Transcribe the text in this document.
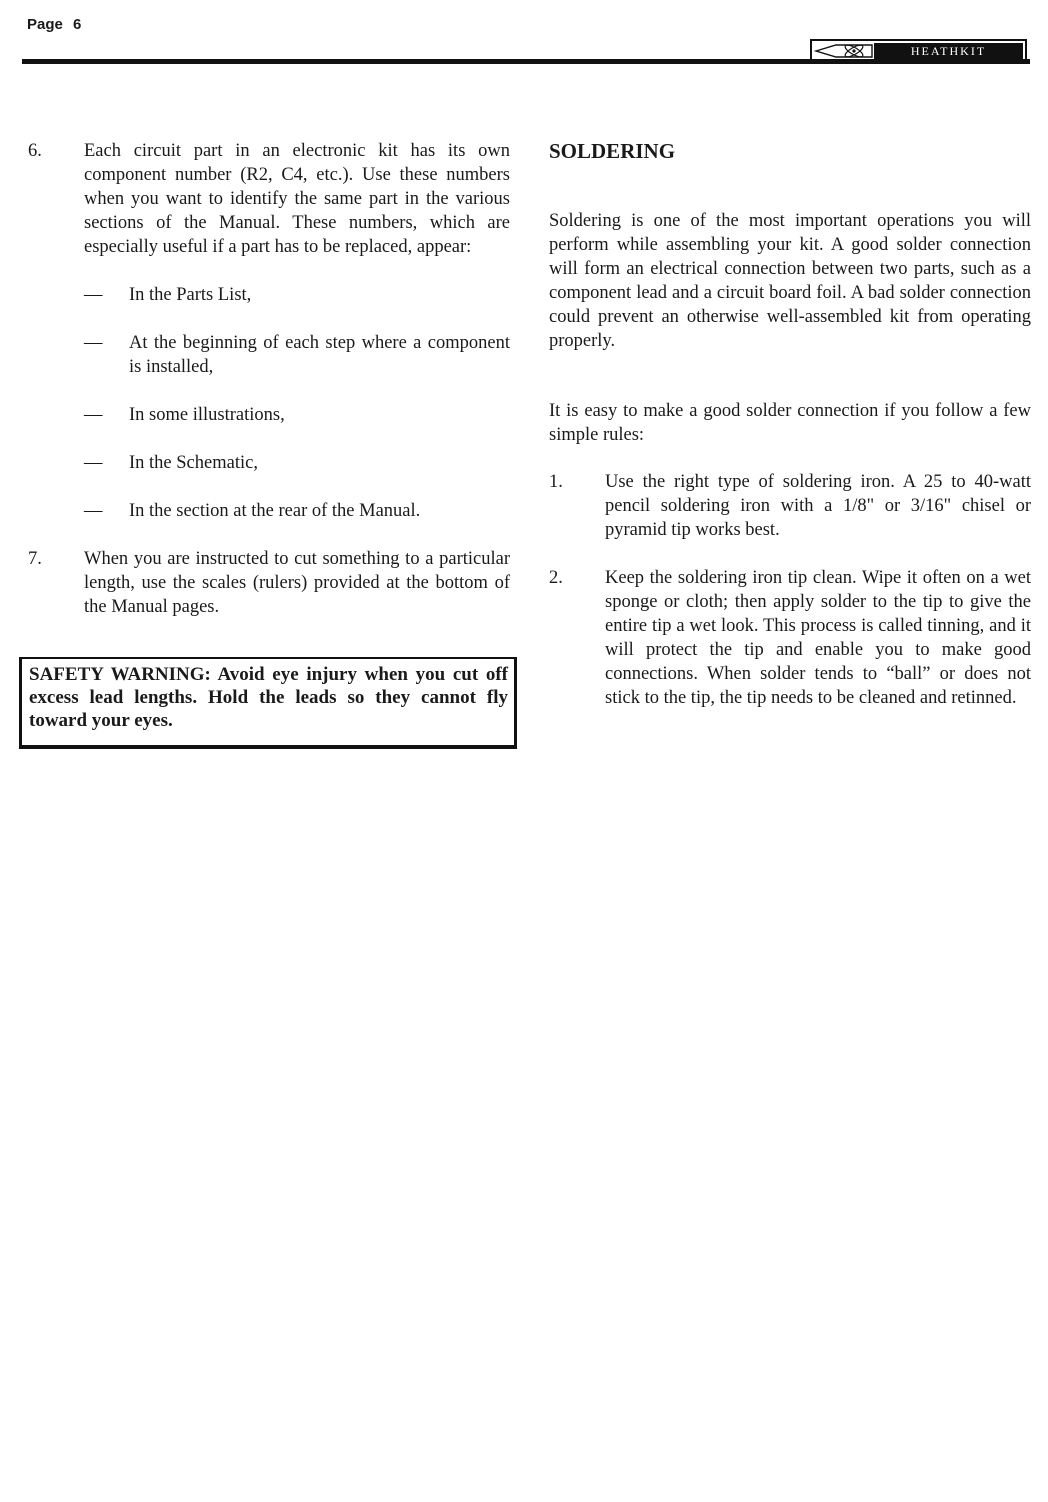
Page 6
HEATHKIT
6.	Each circuit part in an electronic kit has its own component number (R2, C4, etc.). Use these numbers when you want to identify the same part in the various sections of the Manual. These numbers, which are especially useful if a part has to be replaced, appear:
—	In the Parts List,
—	At the beginning of each step where a component is installed,
—	In some illustrations,
—	In the Schematic,
—	In the section at the rear of the Manual.
7.	When you are instructed to cut something to a particular length, use the scales (rulers) provided at the bottom of the Manual pages.
SAFETY WARNING: Avoid eye injury when you cut off excess lead lengths. Hold the leads so they cannot fly toward your eyes.
SOLDERING
Soldering is one of the most important operations you will perform while assembling your kit. A good solder connection will form an electrical connection between two parts, such as a component lead and a circuit board foil. A bad solder connection could prevent an otherwise well-assembled kit from operating properly.
It is easy to make a good solder connection if you follow a few simple rules:
1.	Use the right type of soldering iron. A 25 to 40-watt pencil soldering iron with a 1/8" or 3/16" chisel or pyramid tip works best.
2.	Keep the soldering iron tip clean. Wipe it often on a wet sponge or cloth; then apply solder to the tip to give the entire tip a wet look. This process is called tinning, and it will protect the tip and enable you to make good connections. When solder tends to “ball” or does not stick to the tip, the tip needs to be cleaned and retinned.
